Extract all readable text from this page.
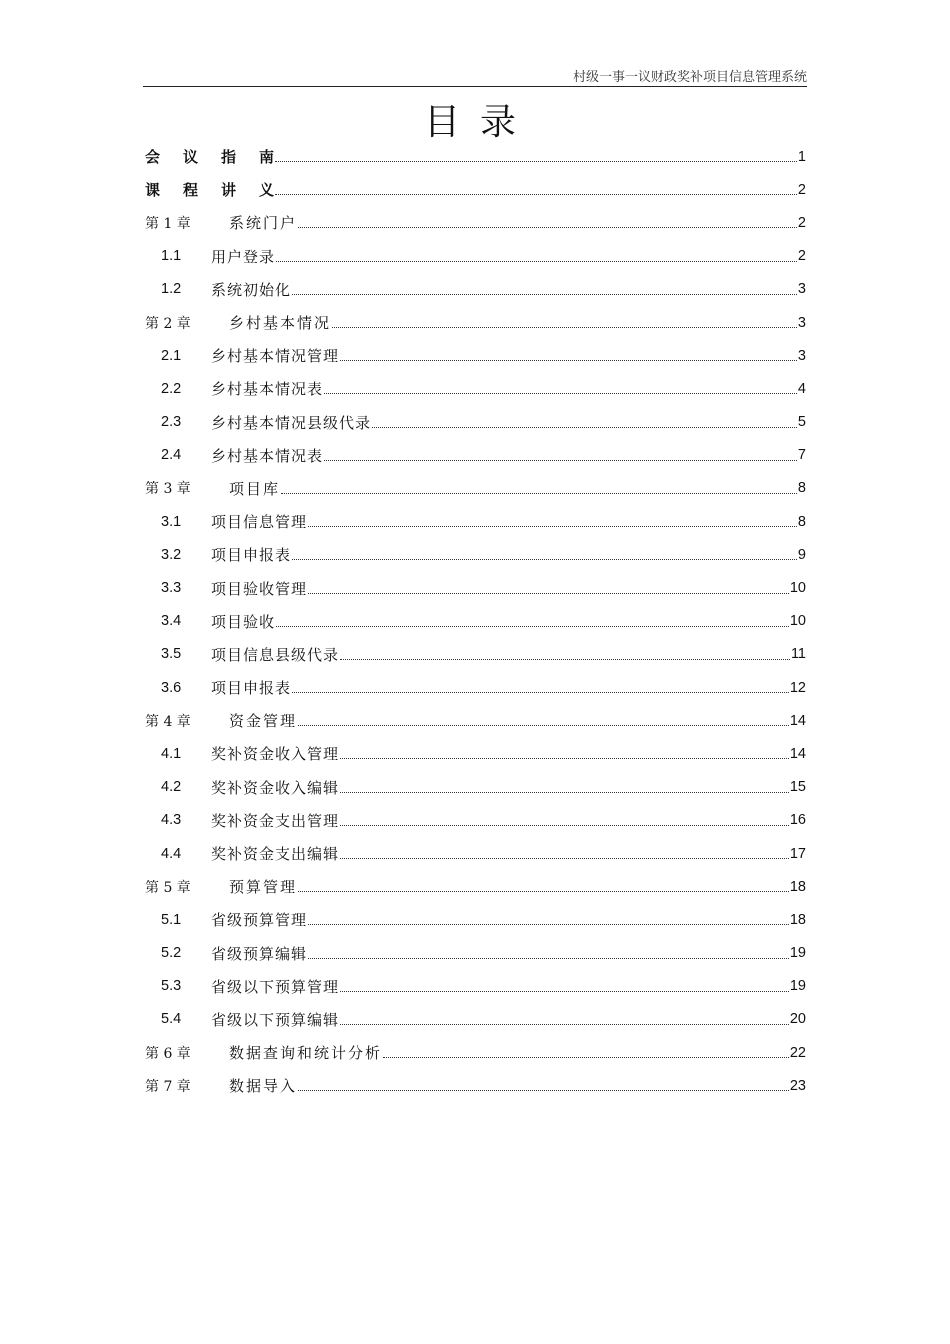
村级一事一议财政奖补项目信息管理系统
目录
会议指南	1
课程讲义	2
第 1 章	系统门户	2
1.1	用户登录	2
1.2	系统初始化	3
第 2 章	乡村基本情况	3
2.1	乡村基本情况管理	3
2.2	乡村基本情况表	4
2.3	乡村基本情况县级代录	5
2.4	乡村基本情况表	7
第 3 章	项目库	8
3.1	项目信息管理	8
3.2	项目申报表	9
3.3	项目验收管理	10
3.4	项目验收	10
3.5	项目信息县级代录	11
3.6	项目申报表	12
第 4 章	资金管理	14
4.1	奖补资金收入管理	14
4.2	奖补资金收入编辑	15
4.3	奖补资金支出管理	16
4.4	奖补资金支出编辑	17
第 5 章	预算管理	18
5.1	省级预算管理	18
5.2	省级预算编辑	19
5.3	省级以下预算管理	19
5.4	省级以下预算编辑	20
第 6 章	数据查询和统计分析	22
第 7 章	数据导入	23
